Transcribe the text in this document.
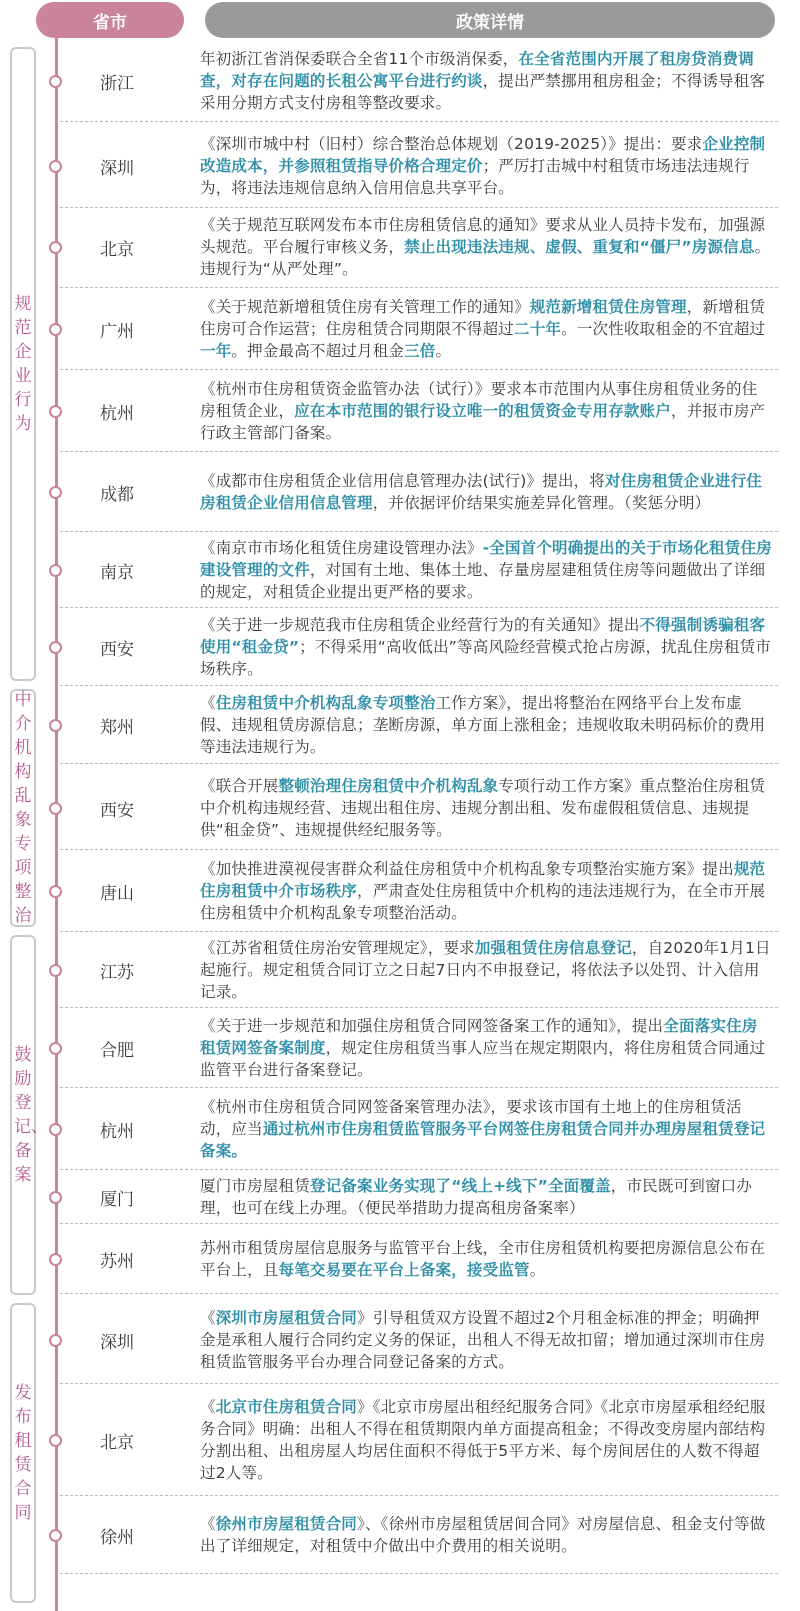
省市	政策详情
规范企业行为
中介机构乱象专项整治
鼓励登记、备案
发布租赁合同
浙江
年初浙江省消保委联合全省11个市级消保委，在全省范围内开展了租房贷消费调查，对存在问题的长租公寓平台进行约谈，提出严禁挪用租房租金；不得诱导租客采用分期方式支付房租等整改要求。
深圳
《深圳市城中村（旧村）综合整治总体规划（2019-2025）》提出：要求企业控制改造成本，并参照租赁指导价格合理定价；严厉打击城中村租赁市场违法违规行为，将违法违规信息纳入信用信息共享平台。
北京
《关于规范互联网发布本市住房租赁信息的通知》要求从业人员持卡发布，加强源头规范。平台履行审核义务，禁止出现违法违规、虚假、重复和“僵尸”房源信息。违规行为“从严处理”。
广州
《关于规范新增租赁住房有关管理工作的通知》规范新增租赁住房管理，新增租赁住房可合作运营；住房租赁合同期限不得超过二十年。一次性收取租金的不宜超过一年。押金最高不超过月租金三倍。
杭州
《杭州市住房租赁资金监管办法（试行）》要求本市范围内从事住房租赁业务的住房租赁企业，应在本市范围的银行设立唯一的租赁资金专用存款账户，并报市房产行政主管部门备案。
成都
《成都市住房租赁企业信用信息管理办法(试行)》提出，将对住房租赁企业进行住房租赁企业信用信息管理，并依据评价结果实施差异化管理。（奖惩分明）
南京
《南京市市场化租赁住房建设管理办法》-全国首个明确提出的关于市场化租赁住房建设管理的文件，对国有土地、集体土地、存量房屋建租赁住房等问题做出了详细的规定，对租赁企业提出更严格的要求。
西安
《关于进一步规范我市住房租赁企业经营行为的有关通知》提出不得强制诱骗租客使用“租金贷”；不得采用“高收低出”等高风险经营模式抢占房源，扰乱住房租赁市场秩序。
郑州
《住房租赁中介机构乱象专项整治工作方案》，提出将整治在网络平台上发布虚假、违规租赁房源信息；垄断房源，单方面上涨租金；违规收取未明码标价的费用等违法违规行为。
西安
《联合开展整顿治理住房租赁中介机构乱象专项行动工作方案》重点整治住房租赁中介机构违规经营、违规出租住房、违规分割出租、发布虚假租赁信息、违规提供“租金贷”、违规提供经纪服务等。
唐山
《加快推进漠视侵害群众利益住房租赁中介机构乱象专项整治实施方案》提出规范住房租赁中介市场秩序，严肃查处住房租赁中介机构的违法违规行为，在全市开展住房租赁中介机构乱象专项整治活动。
江苏
《江苏省租赁住房治安管理规定》，要求加强租赁住房信息登记，自2020年1月1日起施行。规定租赁合同订立之日起7日内不申报登记，将依法予以处罚、计入信用记录。
合肥
《关于进一步规范和加强住房租赁合同网签备案工作的通知》，提出全面落实住房租赁网签备案制度，规定住房租赁当事人应当在规定期限内，将住房租赁合同通过监管平台进行备案登记。
杭州
《杭州市住房租赁合同网签备案管理办法》，要求该市国有土地上的住房租赁活动，应当通过杭州市住房租赁监管服务平台网签住房租赁合同并办理房屋租赁登记备案。
厦门
厦门市房屋租赁登记备案业务实现了“线上+线下”全面覆盖，市民既可到窗口办理，也可在线上办理。（便民举措助力提高租房备案率）
苏州
苏州市租赁房屋信息服务与监管平台上线，全市住房租赁机构要把房源信息公布在平台上，且每笔交易要在平台上备案，接受监管。
深圳
《深圳市房屋租赁合同》引导租赁双方设置不超过2个月租金标准的押金；明确押金是承租人履行合同约定义务的保证，出租人不得无故扣留；增加通过深圳市住房租赁监管服务平台办理合同登记备案的方式。
北京
《北京市住房租赁合同》《北京市房屋出租经纪服务合同》《北京市房屋承租经纪服务合同》明确：出租人不得在租赁期限内单方面提高租金；不得改变房屋内部结构分割出租、出租房屋人均居住面积不得低于5平方米、每个房间居住的人数不得超过2人等。
徐州
《徐州市房屋租赁合同》、《徐州市房屋租赁居间合同》对房屋信息、租金支付等做出了详细规定，对租赁中介做出中介费用的相关说明。
